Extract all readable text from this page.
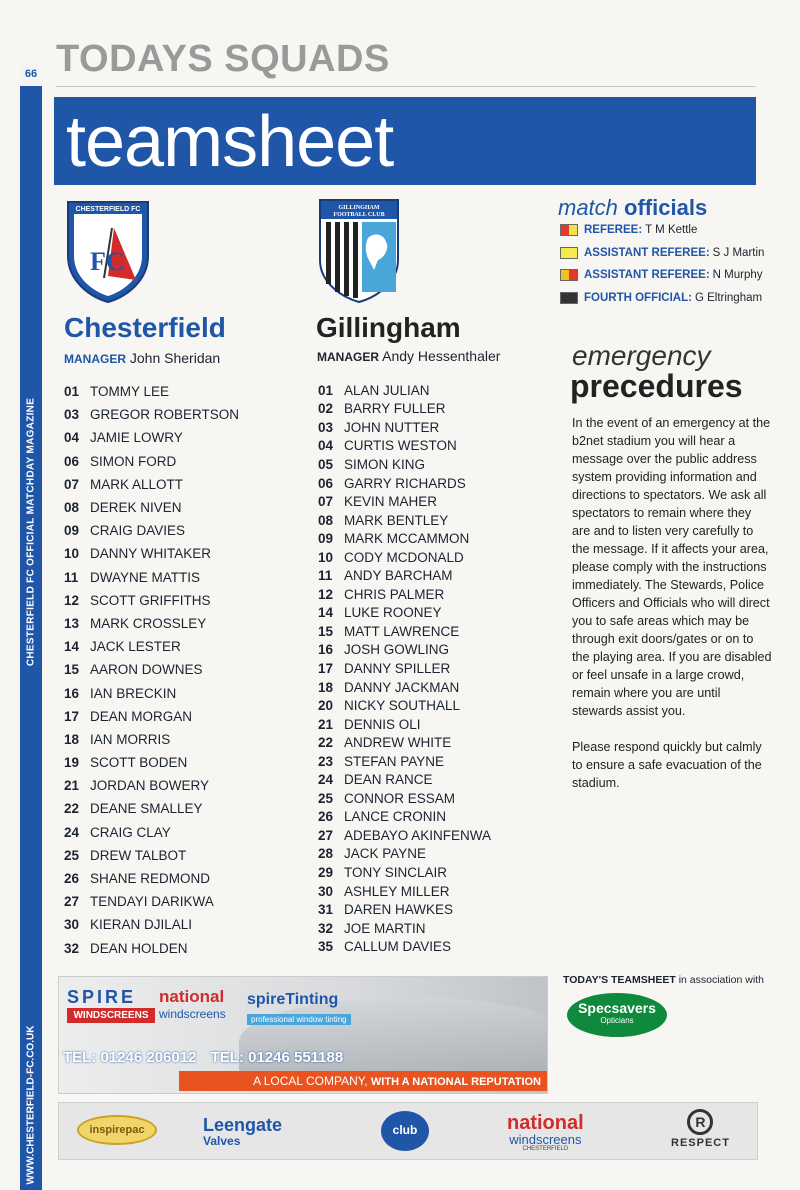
66
CHESTERFIELD FC OFFICIAL MATCHDAY MAGAZINE
WWW.CHESTERFIELD-FC.CO.UK
TODAYS SQUADS
teamsheet
FC
CHESTERFIELD FC	GILLINGHAM
FOOTBALL CLUB
Chesterfield
MANAGER John Sheridan
Gillingham
MANAGER Andy Hessenthaler
01 TOMMY LEE
03 GREGOR ROBERTSON
04 JAMIE LOWRY
06 SIMON FORD
07 MARK ALLOTT
08 DEREK NIVEN
09 CRAIG DAVIES
10 DANNY WHITAKER
11 DWAYNE MATTIS
12 SCOTT GRIFFITHS
13 MARK CROSSLEY
14 JACK LESTER
15 AARON DOWNES
16 IAN BRECKIN
17 DEAN MORGAN
18 IAN MORRIS
19 SCOTT BODEN
21 JORDAN BOWERY
22 DEANE SMALLEY
24 CRAIG CLAY
25 DREW TALBOT
26 SHANE REDMOND
27 TENDAYI DARIKWA
30 KIERAN DJILALI
32 DEAN HOLDEN
01 ALAN JULIAN
02 BARRY FULLER
03 JOHN NUTTER
04 CURTIS WESTON
05 SIMON KING
06 GARRY RICHARDS
07 KEVIN MAHER
08 MARK BENTLEY
09 MARK MCCAMMON
10 CODY MCDONALD
11 ANDY BARCHAM
12 CHRIS PALMER
14 LUKE ROONEY
15 MATT LAWRENCE
16 JOSH GOWLING
17 DANNY SPILLER
18 DANNY JACKMAN
20 NICKY SOUTHALL
21 DENNIS OLI
22 ANDREW WHITE
23 STEFAN PAYNE
24 DEAN RANCE
25 CONNOR ESSAM
26 LANCE CRONIN
27 ADEBAYO AKINFENWA
28 JACK PAYNE
29 TONY SINCLAIR
30 ASHLEY MILLER
31 DAREN HAWKES
32 JOE MARTIN
35 CALLUM DAVIES
match officials
REFEREE: T M Kettle
ASSISTANT REFEREE: S J Martin
ASSISTANT REFEREE: N Murphy
FOURTH OFFICIAL: G Eltringham
emergency
precedures

In the event of an emergency at the b2net stadium you will hear a message over the public address system providing information and directions to spectators. We ask all spectators to remain where they are and to listen very carefully to the message. If it affects your area, please comply with the instructions immediately. The Stewards, Police Officers and Officials who will direct you to safe areas which may be through exit doors/gates or on to the playing area. If you are disabled or feel unsafe in a large crowd, remain where you are until stewards assist you.

Please respond quickly but calmly to ensure a safe evacuation of the stadium.

SPIRE
WINDSCREENS
national
windscreens
spireTinting
professional window tinting
TEL: 01246 206012 TEL: 01246 551188
A LOCAL COMPANY, WITH A NATIONAL REPUTATION
TODAY'S TEAMSHEET in association with
Specsavers
Opticians
inspirepac	Leengate
Valves
club	national
windscreens
CHESTERFIELD
R
RESPECT
